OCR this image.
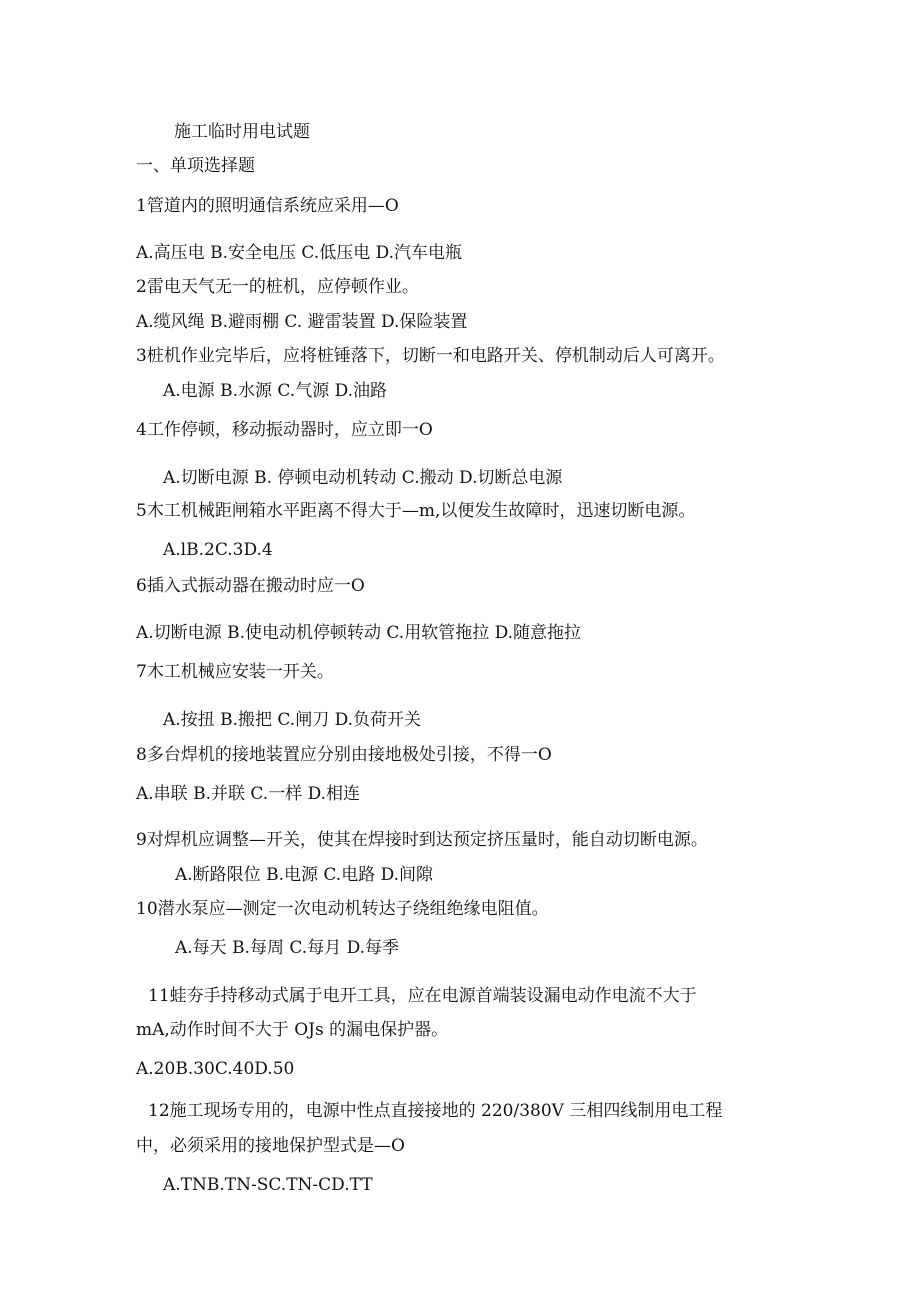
施工临时用电试题
一、单项选择题
1管道内的照明通信系统应采用—O
A.高压电 B.安全电压 C.低压电 D.汽车电瓶
2雷电天气无一的桩机，应停顿作业。
A.缆风绳 B.避雨棚 C. 避雷装置 D.保险装置
3桩机作业完毕后，应将桩锤落下，切断一和电路开关、停机制动后人可离开。
A.电源 B.水源 C.气源 D.油路
4工作停顿，移动振动器时，应立即一O
A.切断电源 B. 停顿电动机转动 C.搬动 D.切断总电源
5木工机械距闸箱水平距离不得大于—m,以便发生故障时，迅速切断电源。
A.lB.2C.3D.4
6插入式振动器在搬动时应一O
A.切断电源 B.使电动机停顿转动 C.用软管拖拉 D.随意拖拉
7木工机械应安装一开关。
A.按扭 B.搬把 C.闸刀 D.负荷开关
8多台焊机的接地装置应分别由接地极处引接，不得一O
A.串联 B.并联 C.一样 D.相连
9对焊机应调整—开关，使其在焊接时到达预定挤压量时，能自动切断电源。
A.断路限位 B.电源 C.电路 D.间隙
10潜水泵应—测定一次电动机转达子绕组绝缘电阻值。
A.每天 B.每周 C.每月 D.每季
11蛙夯手持移动式属于电开工具，应在电源首端装设漏电动作电流不大于
mA,动作时间不大于 OJs 的漏电保护器。
A.20B.30C.40D.50
12施工现场专用的，电源中性点直接接地的 220/380V 三相四线制用电工程
中，必须采用的接地保护型式是—O
A.TNB.TN-SC.TN-CD.TT
